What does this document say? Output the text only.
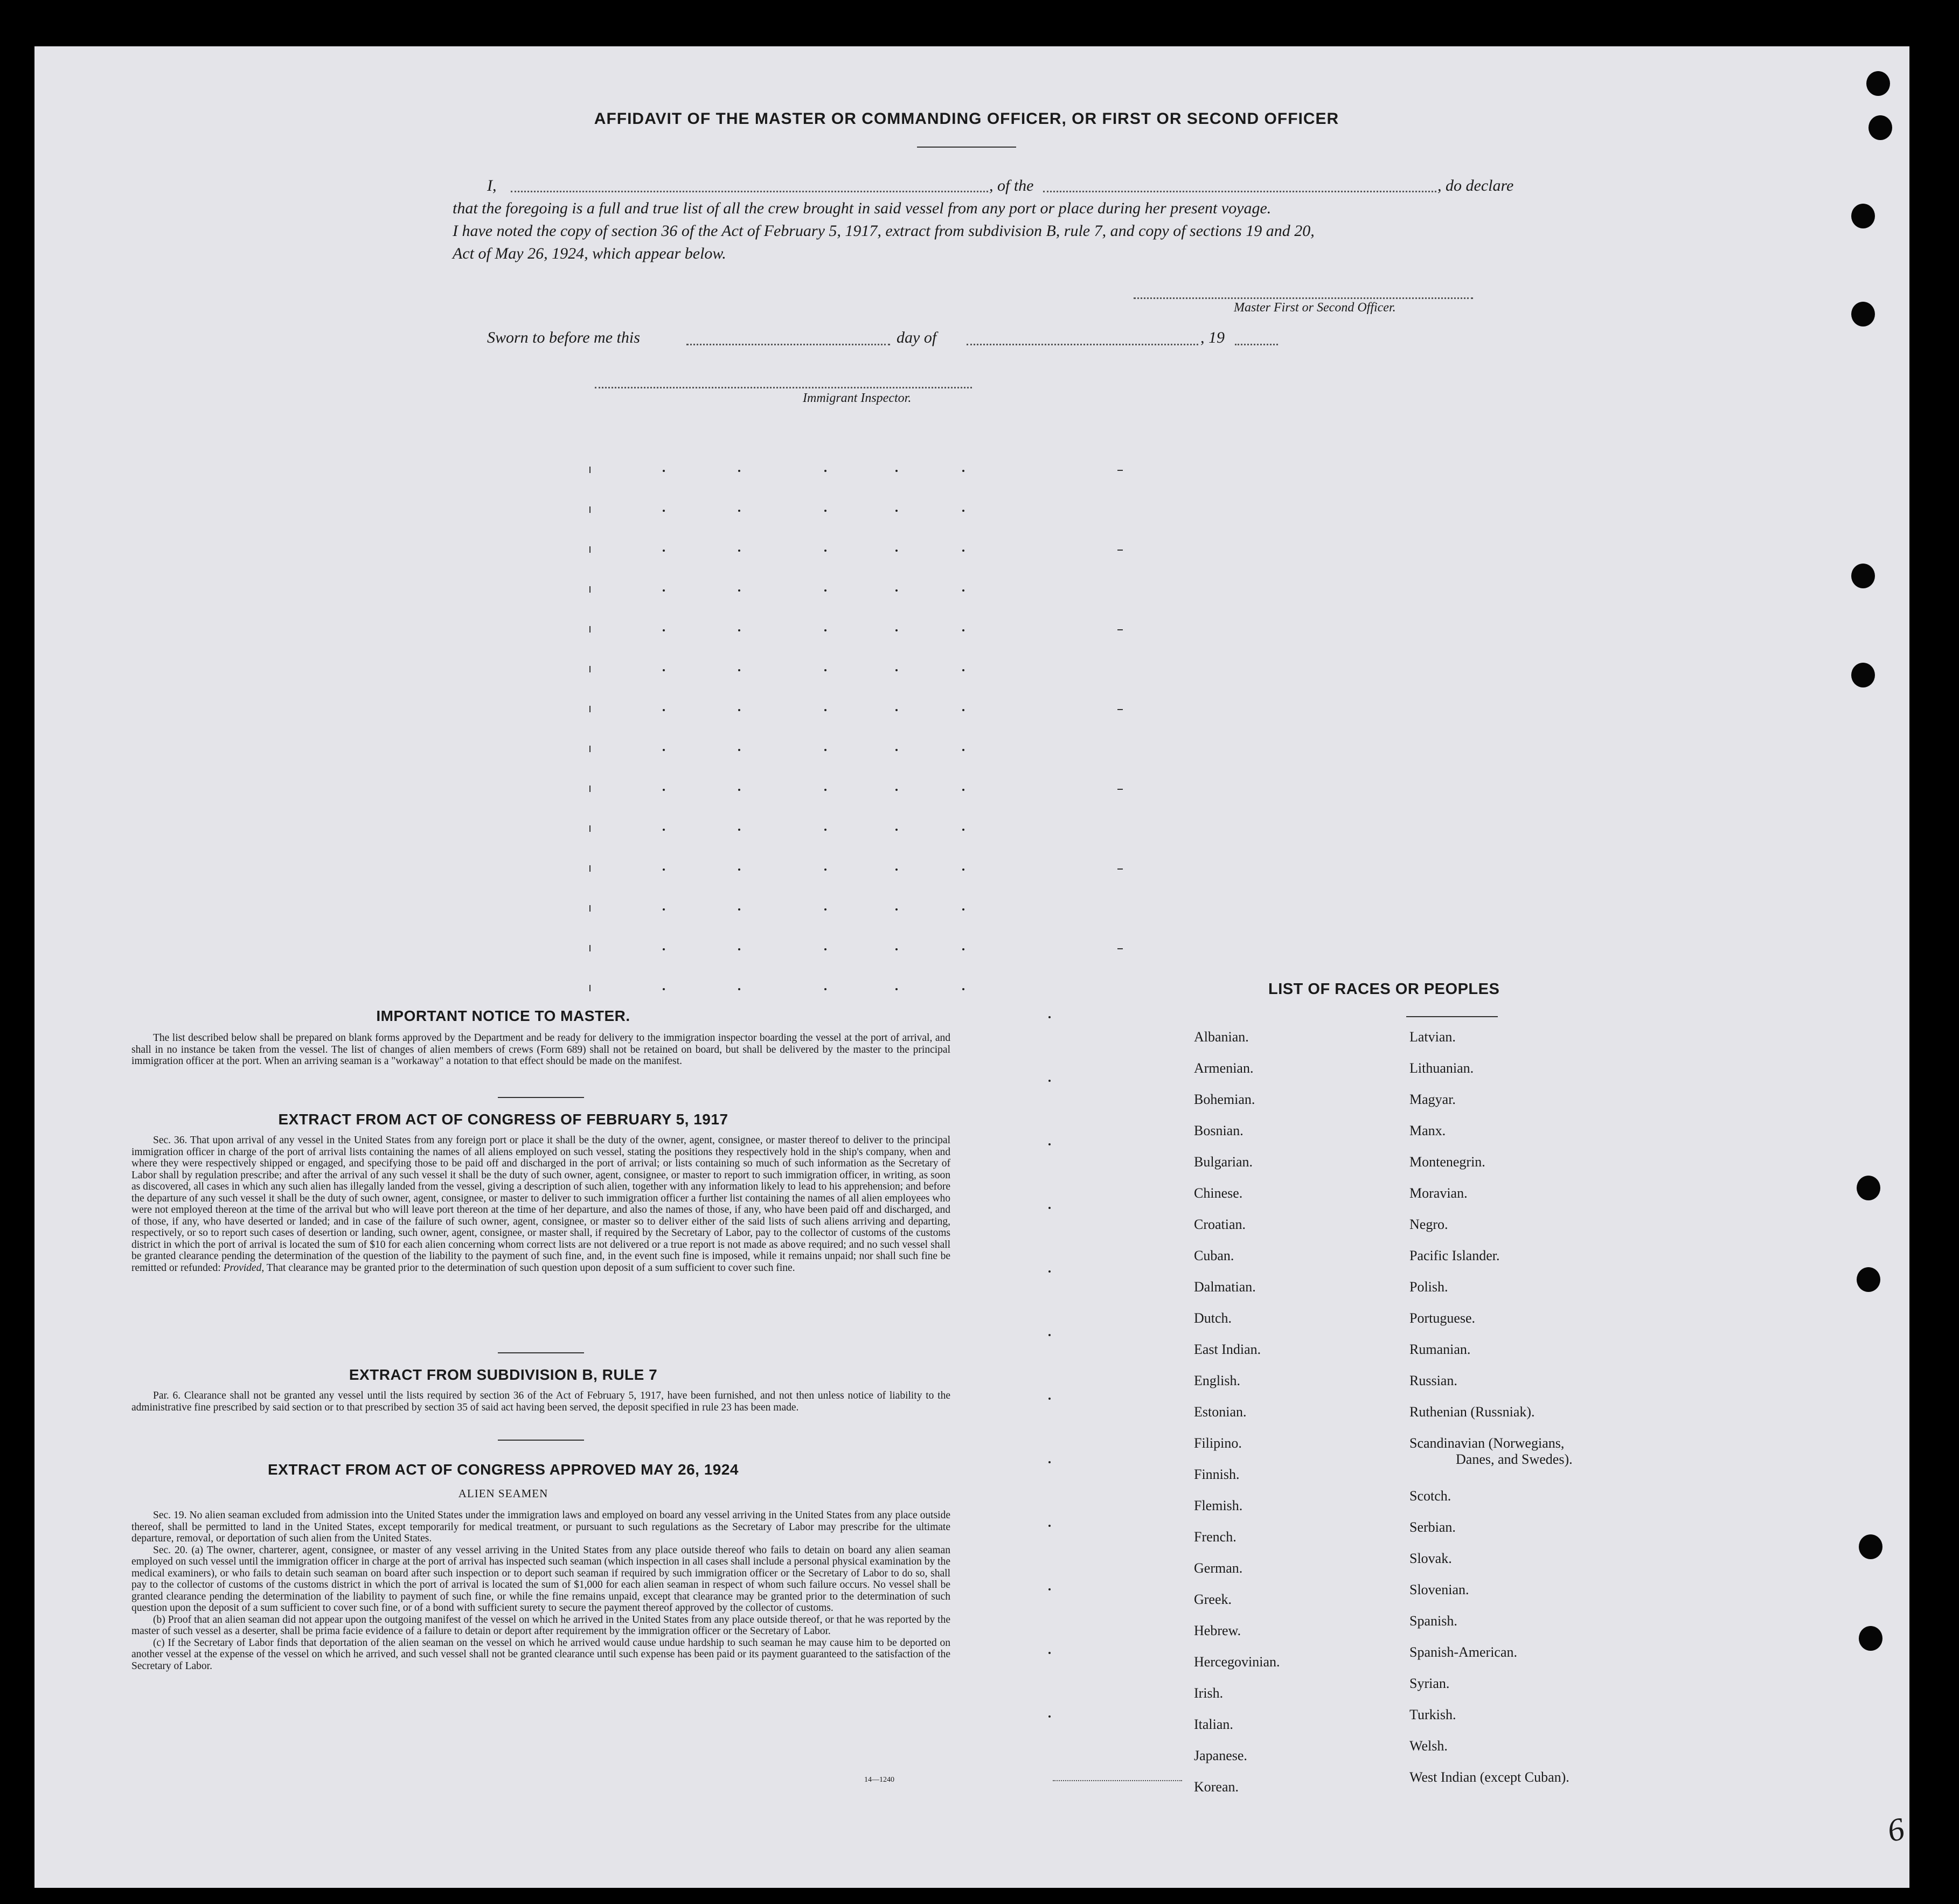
AFFIDAVIT OF THE MASTER OR COMMANDING OFFICER, OR FIRST OR SECOND OFFICER
I,	, of the	, do declare
that the foregoing is a full and true list of all the crew brought in said vessel from any port or place during her present voyage.
I have noted the copy of section 36 of the Act of February 5, 1917, extract from subdivision B, rule 7, and copy of sections 19 and 20,
Act of May 26, 1924, which appear below.
Master First or Second Officer.
Sworn to before me this	day of	, 19
Immigrant Inspector.
IMPORTANT NOTICE TO MASTER.

The list described below shall be prepared on blank forms approved by the Department and be ready for delivery to the immigration inspector boarding the vessel at the port of arrival, and shall in no instance be taken from the vessel. The list of changes of alien members of crews (Form 689) shall not be retained on board, but shall be delivered by the master to the principal immigration officer at the port. When an arriving seaman is a "workaway" a notation to that effect should be made on the manifest.

EXTRACT FROM ACT OF CONGRESS OF FEBRUARY 5, 1917

Sec. 36. That upon arrival of any vessel in the United States from any foreign port or place it shall be the duty of the owner, agent, consignee, or master thereof to deliver to the principal immigration officer in charge of the port of arrival lists containing the names of all aliens employed on such vessel, stating the positions they respectively hold in the ship's company, when and where they were respectively shipped or engaged, and specifying those to be paid off and discharged in the port of arrival; or lists containing so much of such information as the Secretary of Labor shall by regulation prescribe; and after the arrival of any such vessel it shall be the duty of such owner, agent, consignee, or master to report to such immigration officer, in writing, as soon as discovered, all cases in which any such alien has illegally landed from the vessel, giving a description of such alien, together with any information likely to lead to his apprehension; and before the departure of any such vessel it shall be the duty of such owner, agent, consignee, or master to deliver to such immigration officer a further list containing the names of all alien employees who were not employed thereon at the time of the arrival but who will leave port thereon at the time of her departure, and also the names of those, if any, who have been paid off and discharged, and of those, if any, who have deserted or landed; and in case of the failure of such owner, agent, consignee, or master so to deliver either of the said lists of such aliens arriving and departing, respectively, or so to report such cases of desertion or landing, such owner, agent, consignee, or master shall, if required by the Secretary of Labor, pay to the collector of customs of the customs district in which the port of arrival is located the sum of $10 for each alien concerning whom correct lists are not delivered or a true report is not made as above required; and no such vessel shall be granted clearance pending the determination of the question of the liability to the payment of such fine, and, in the event such fine is imposed, while it remains unpaid; nor shall such fine be remitted or refunded: Provided, That clearance may be granted prior to the determination of such question upon deposit of a sum sufficient to cover such fine.

EXTRACT FROM SUBDIVISION B, RULE 7

Par. 6. Clearance shall not be granted any vessel until the lists required by section 36 of the Act of February 5, 1917, have been furnished, and not then unless notice of liability to the administrative fine prescribed by said section or to that prescribed by section 35 of said act having been served, the deposit specified in rule 23 has been made.

EXTRACT FROM ACT OF CONGRESS APPROVED MAY 26, 1924
ALIEN SEAMEN

Sec. 19. No alien seaman excluded from admission into the United States under the immigration laws and employed on board any vessel arriving in the United States from any place outside thereof, shall be permitted to land in the United States, except temporarily for medical treatment, or pursuant to such regulations as the Secretary of Labor may prescribe for the ultimate departure, removal, or deportation of such alien from the United States.

Sec. 20. (a) The owner, charterer, agent, consignee, or master of any vessel arriving in the United States from any place outside thereof who fails to detain on board any alien seaman employed on such vessel until the immigration officer in charge at the port of arrival has inspected such seaman (which inspection in all cases shall include a personal physical examination by the medical examiners), or who fails to detain such seaman on board after such inspection or to deport such seaman if required by such immigration officer or the Secretary of Labor to do so, shall pay to the collector of customs of the customs district in which the port of arrival is located the sum of $1,000 for each alien seaman in respect of whom such failure occurs. No vessel shall be granted clearance pending the determination of the liability to payment of such fine, or while the fine remains unpaid, except that clearance may be granted prior to the determination of such question upon the deposit of a sum sufficient to cover such fine, or of a bond with sufficient surety to secure the payment thereof approved by the collector of customs.

(b) Proof that an alien seaman did not appear upon the outgoing manifest of the vessel on which he arrived in the United States from any place outside thereof, or that he was reported by the master of such vessel as a deserter, shall be prima facie evidence of a failure to detain or deport after requirement by the immigration officer or the Secretary of Labor.

(c) If the Secretary of Labor finds that deportation of the alien seaman on the vessel on which he arrived would cause undue hardship to such seaman he may cause him to be deported on another vessel at the expense of the vessel on which he arrived, and such vessel shall not be granted clearance until such expense has been paid or its payment guaranteed to the satisfaction of the Secretary of Labor.

14—1240
LIST OF RACES OR PEOPLES
Albanian.
Armenian.
Bohemian.
Bosnian.
Bulgarian.
Chinese.
Croatian.
Cuban.
Dalmatian.
Dutch.
East Indian.
English.
Estonian.
Filipino.
Finnish.
Flemish.
French.
German.
Greek.
Hebrew.
Hercegovinian.
Irish.
Italian.
Japanese.
Korean.
Latvian.
Lithuanian.
Magyar.
Manx.
Montenegrin.
Moravian.
Negro.
Pacific Islander.
Polish.
Portuguese.
Rumanian.
Russian.
Ruthenian (Russniak).
Scandinavian (Norwegians,
Scotch.
Serbian.
Slovak.
Slovenian.
Spanish.
Spanish-American.
Syrian.
Turkish.
Welsh.
West Indian (except Cuban).
Danes, and Swedes).
6
